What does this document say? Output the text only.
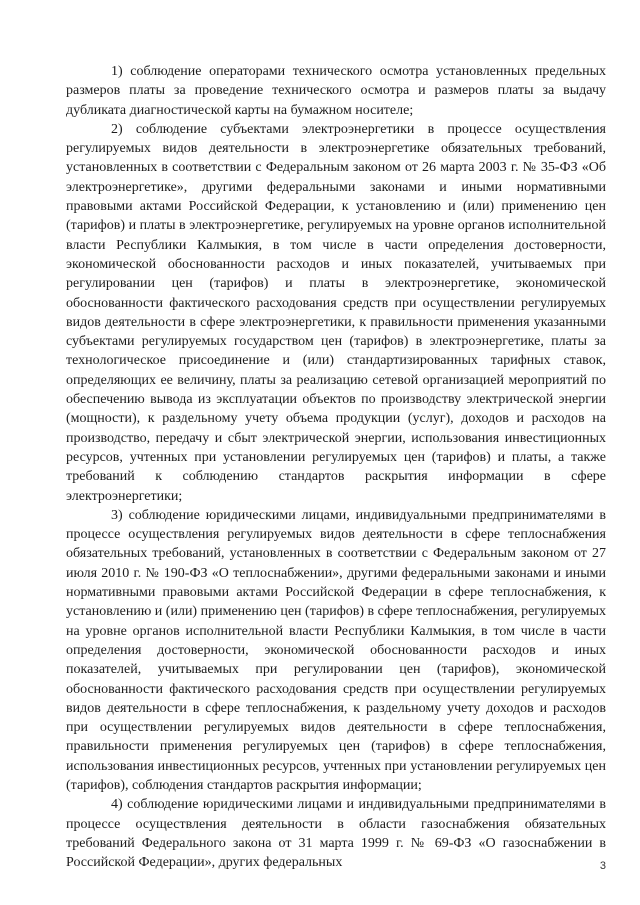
1) соблюдение операторами технического осмотра установленных предельных размеров платы за проведение технического осмотра и размеров платы за выдачу дубликата диагностической карты на бумажном носителе;

2) соблюдение субъектами электроэнергетики в процессе осуществления регулируемых видов деятельности в электроэнергетике обязательных требований, установленных в соответствии с Федеральным законом от 26 марта 2003 г. № 35-ФЗ «Об электроэнергетике», другими федеральными законами и иными нормативными правовыми актами Российской Федерации, к установлению и (или) применению цен (тарифов) и платы в электроэнергетике, регулируемых на уровне органов исполнительной власти Республики Калмыкия, в том числе в части определения достоверности, экономической обоснованности расходов и иных показателей, учитываемых при регулировании цен (тарифов) и платы в электроэнергетике, экономической обоснованности фактического расходования средств при осуществлении регулируемых видов деятельности в сфере электроэнергетики, к правильности применения указанными субъектами регулируемых государством цен (тарифов) в электроэнергетике, платы за технологическое присоединение и (или) стандартизированных тарифных ставок, определяющих ее величину, платы за реализацию сетевой организацией мероприятий по обеспечению вывода из эксплуатации объектов по производству электрической энергии (мощности), к раздельному учету объема продукции (услуг), доходов и расходов на производство, передачу и сбыт электрической энергии, использования инвестиционных ресурсов, учтенных при установлении регулируемых цен (тарифов) и платы, а также требований к соблюдению стандартов раскрытия информации в сфере электроэнергетики;

3) соблюдение юридическими лицами, индивидуальными предпринимателями в процессе осуществления регулируемых видов деятельности в сфере теплоснабжения обязательных требований, установленных в соответствии с Федеральным законом от 27 июля 2010 г. № 190-ФЗ «О теплоснабжении», другими федеральными законами и иными нормативными правовыми актами Российской Федерации в сфере теплоснабжения, к установлению и (или) применению цен (тарифов) в сфере теплоснабжения, регулируемых на уровне органов исполнительной власти Республики Калмыкия, в том числе в части определения достоверности, экономической обоснованности расходов и иных показателей, учитываемых при регулировании цен (тарифов), экономической обоснованности фактического расходования средств при осуществлении регулируемых видов деятельности в сфере теплоснабжения, к раздельному учету доходов и расходов при осуществлении регулируемых видов деятельности в сфере теплоснабжения, правильности применения регулируемых цен (тарифов) в сфере теплоснабжения, использования инвестиционных ресурсов, учтенных при установлении регулируемых цен (тарифов), соблюдения стандартов раскрытия информации;

4) соблюдение юридическими лицами и индивидуальными предпринимателями в процессе осуществления деятельности в области газоснабжения обязательных требований Федерального закона от 31 марта 1999 г. № 69-ФЗ «О газоснабжении в Российской Федерации», других федеральных	3
